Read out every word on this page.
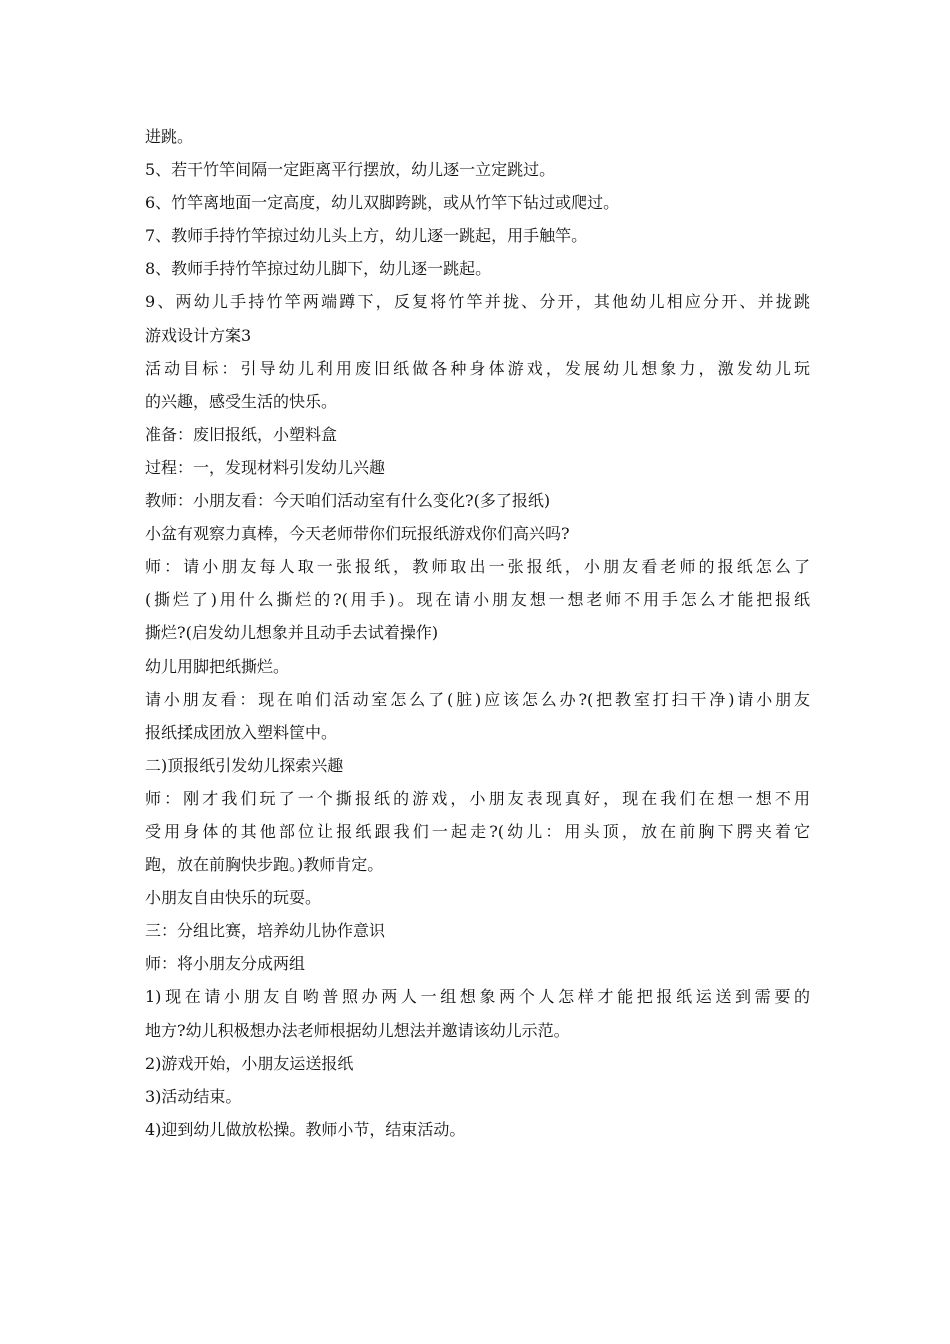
进跳。
5、若干竹竿间隔一定距离平行摆放，幼儿逐一立定跳过。
6、竹竿离地面一定高度，幼儿双脚跨跳，或从竹竿下钻过或爬过。
7、教师手持竹竿掠过幼儿头上方，幼儿逐一跳起，用手触竿。
8、教师手持竹竿掠过幼儿脚下，幼儿逐一跳起。
9、两幼儿手持竹竿两端蹲下，反复将竹竿并拢、分开，其他幼儿相应分开、并拢跳
游戏设计方案3
活动目标：引导幼儿利用废旧纸做各种身体游戏，发展幼儿想象力，激发幼儿玩
的兴趣，感受生活的快乐。
准备：废旧报纸，小塑料盒
过程：一，发现材料引发幼儿兴趣
教师：小朋友看：今天咱们活动室有什么变化?(多了报纸)
小盆有观察力真棒，今天老师带你们玩报纸游戏你们高兴吗?
师：请小朋友每人取一张报纸，教师取出一张报纸，小朋友看老师的报纸怎么了
(撕烂了)用什么撕烂的?(用手)。现在请小朋友想一想老师不用手怎么才能把报纸
撕烂?(启发幼儿想象并且动手去试着操作)
幼儿用脚把纸撕烂。
请小朋友看：现在咱们活动室怎么了(脏)应该怎么办?(把教室打扫干净)请小朋友
报纸揉成团放入塑料筐中。
二)顶报纸引发幼儿探索兴趣
师：刚才我们玩了一个撕报纸的游戏，小朋友表现真好，现在我们在想一想不用
受用身体的其他部位让报纸跟我们一起走?(幼儿：用头顶，放在前胸下腭夹着它
跑，放在前胸快步跑。)教师肯定。
小朋友自由快乐的玩耍。
三：分组比赛，培养幼儿协作意识
师：将小朋友分成两组
1)现在请小朋友自哟普照办两人一组想象两个人怎样才能把报纸运送到需要的
地方?幼儿积极想办法老师根据幼儿想法并邀请该幼儿示范。
2)游戏开始，小朋友运送报纸
3)活动结束。
4)迎到幼儿做放松操。教师小节，结束活动。
